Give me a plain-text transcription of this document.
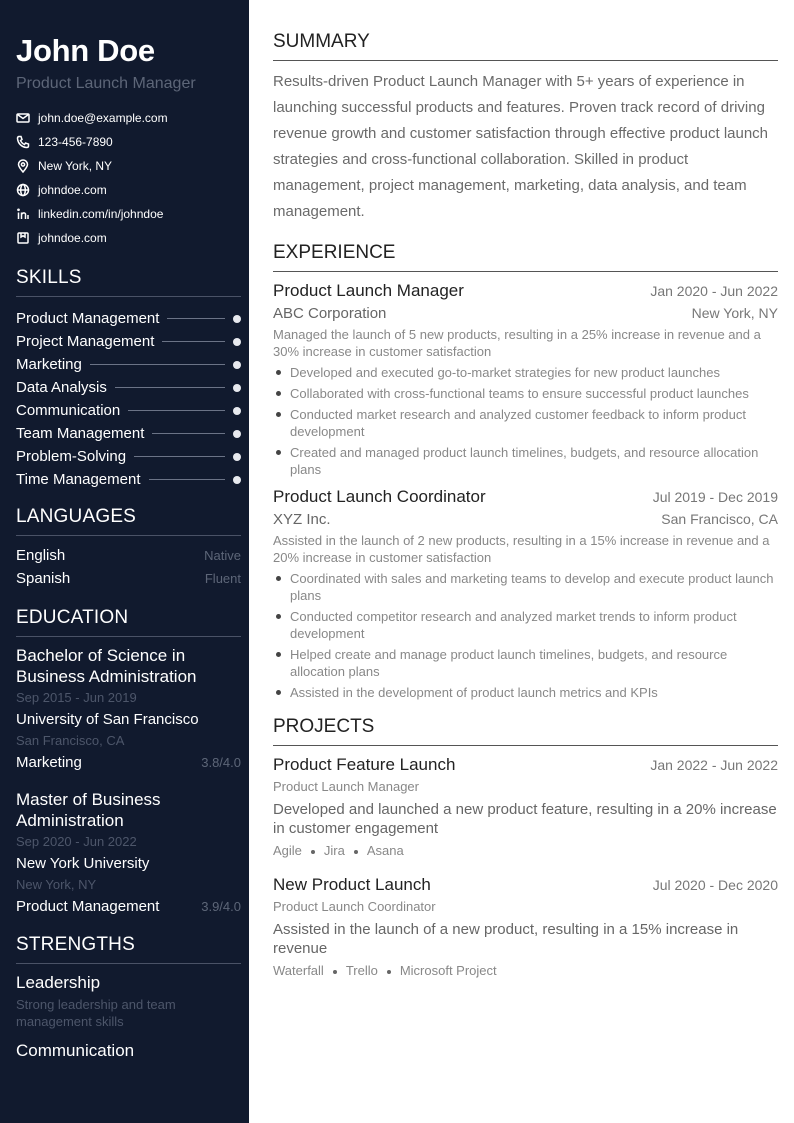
John Doe
Product Launch Manager
john.doe@example.com
123-456-7890
New York, NY
johndoe.com
linkedin.com/in/johndoe
johndoe.com
SKILLS
Product Management
Project Management
Marketing
Data Analysis
Communication
Team Management
Problem-Solving
Time Management
LANGUAGES
English	Native
Spanish	Fluent
EDUCATION
Bachelor of Science in Business Administration
Sep 2015 - Jun 2019
University of San Francisco
San Francisco, CA
Marketing	3.8/4.0
Master of Business Administration
Sep 2020 - Jun 2022
New York University
New York, NY
Product Management	3.9/4.0
STRENGTHS
Leadership
Strong leadership and team management skills
Communication
SUMMARY

Results-driven Product Launch Manager with 5+ years of experience in launching successful products and features. Proven track record of driving revenue growth and customer satisfaction through effective product launch strategies and cross-functional collaboration. Skilled in product management, project management, marketing, data analysis, and team management.

EXPERIENCE
Product Launch Manager	Jan 2020 - Jun 2022
ABC Corporation	New York, NY
Managed the launch of 5 new products, resulting in a 25% increase in revenue and a 30% increase in customer satisfaction
Developed and executed go-to-market strategies for new product launches
Collaborated with cross-functional teams to ensure successful product launches
Conducted market research and analyzed customer feedback to inform product development
Created and managed product launch timelines, budgets, and resource allocation plans
Product Launch Coordinator	Jul 2019 - Dec 2019
XYZ Inc.	San Francisco, CA
Assisted in the launch of 2 new products, resulting in a 15% increase in revenue and a 20% increase in customer satisfaction
Coordinated with sales and marketing teams to develop and execute product launch plans
Conducted competitor research and analyzed market trends to inform product development
Helped create and manage product launch timelines, budgets, and resource allocation plans
Assisted in the development of product launch metrics and KPIs
PROJECTS
Product Feature Launch	Jan 2022 - Jun 2022
Product Launch Manager
Developed and launched a new product feature, resulting in a 20% increase in customer engagement
Agile Jira Asana
New Product Launch	Jul 2020 - Dec 2020
Product Launch Coordinator
Assisted in the launch of a new product, resulting in a 15% increase in revenue
Waterfall Trello Microsoft Project
